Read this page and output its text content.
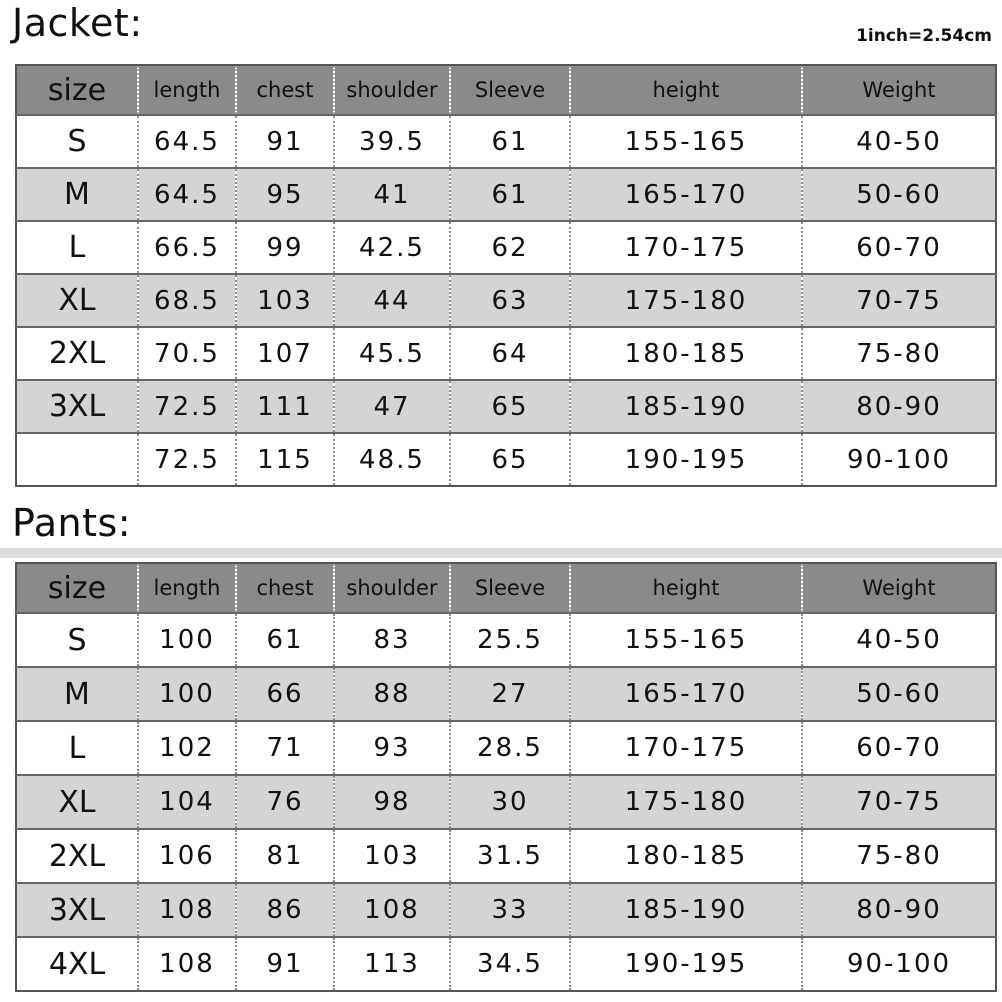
Jacket:	1inch=2.54cm
size	length	chest	shoulder	Sleeve	height	Weight
S	64.5	91	39.5	61	155-165	40-50
M	64.5	95	41	61	165-170	50-60
L	66.5	99	42.5	62	170-175	60-70
XL	68.5	103	44	63	175-180	70-75
2XL	70.5	107	45.5	64	180-185	75-80
3XL	72.5	111	47	65	185-190	80-90
	72.5	115	48.5	65	190-195	90-100
Pants:
size	length	chest	shoulder	Sleeve	height	Weight
S	100	61	83	25.5	155-165	40-50
M	100	66	88	27	165-170	50-60
L	102	71	93	28.5	170-175	60-70
XL	104	76	98	30	175-180	70-75
2XL	106	81	103	31.5	180-185	75-80
3XL	108	86	108	33	185-190	80-90
4XL	108	91	113	34.5	190-195	90-100
